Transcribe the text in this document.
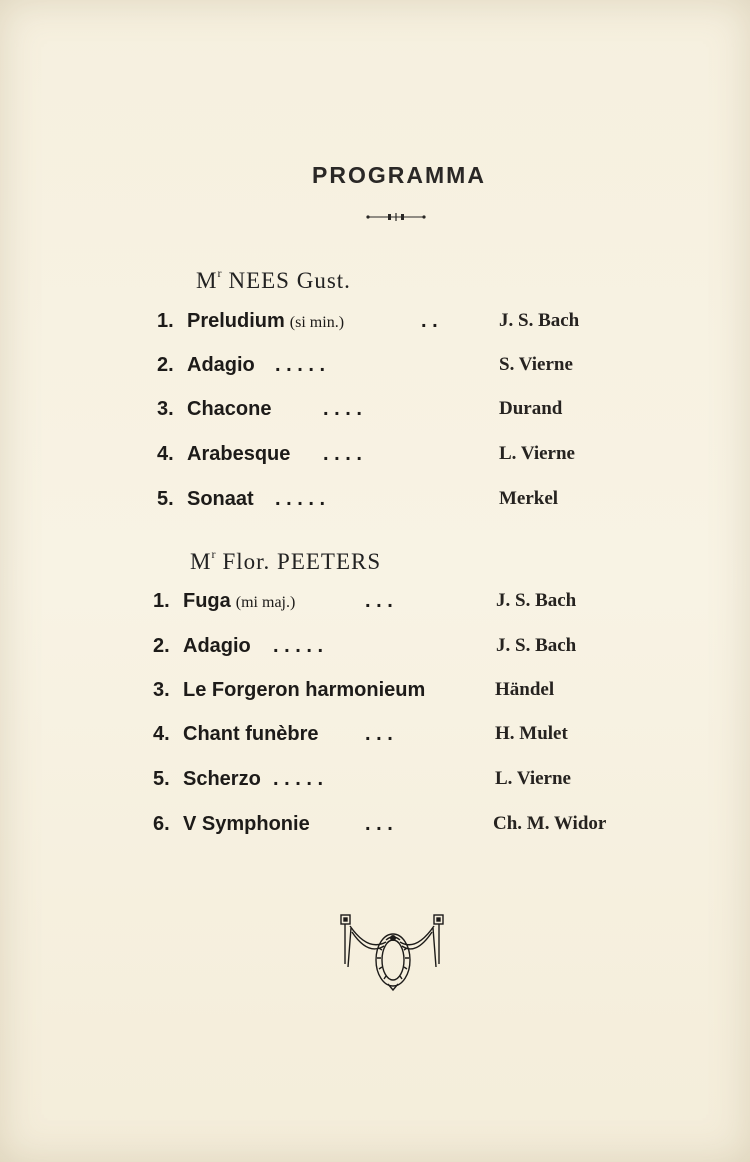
PROGRAMMA
$M^r$ NEES Gust.
1. Preludium (si min.)	. .	J. S. Bach
2. Adagio . . . . .	S. Vierne
3. Chacone	. . . .	Durand
4. Arabesque . . . .	L. Vierne
5. Sonaat . . . . .	Merkel
$M^r$ Flor. PEETERS
1. Fuga (mi maj.)	. . .	J. S. Bach
2. Adagio . . . . .	J. S. Bach
3. Le Forgeron harmonieum	Händel
4. Chant funèbre . . .	H. Mulet
5. Scherzo . . . . .	L. Vierne
6. V Symphonie	. . .	Ch. M. Widor
